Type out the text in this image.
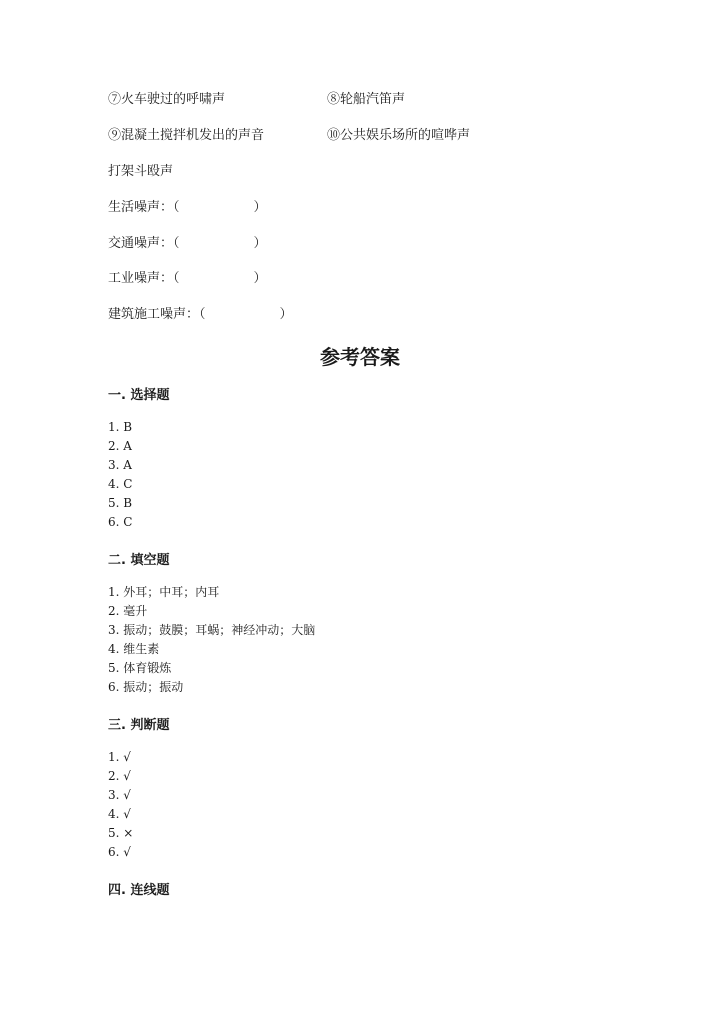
⑦火车驶过的呼啸声	⑧轮船汽笛声
⑨混凝土搅拌机发出的声音	⑩公共娱乐场所的喧哗声
打架斗殴声
生活噪声：（	）
交通噪声：（	）
工业噪声：（	）
建筑施工噪声：（	）
参考答案
一. 选择题
1. B
2. A
3. A
4. C
5. B
6. C
二. 填空题
1. 外耳；中耳；内耳
2. 毫升
3. 振动；鼓膜；耳蜗；神经冲动；大脑
4. 维生素
5. 体育锻炼
6. 振动；振动
三. 判断题
1. √
2. √
3. √
4. √
5. ×
6. √
四. 连线题
